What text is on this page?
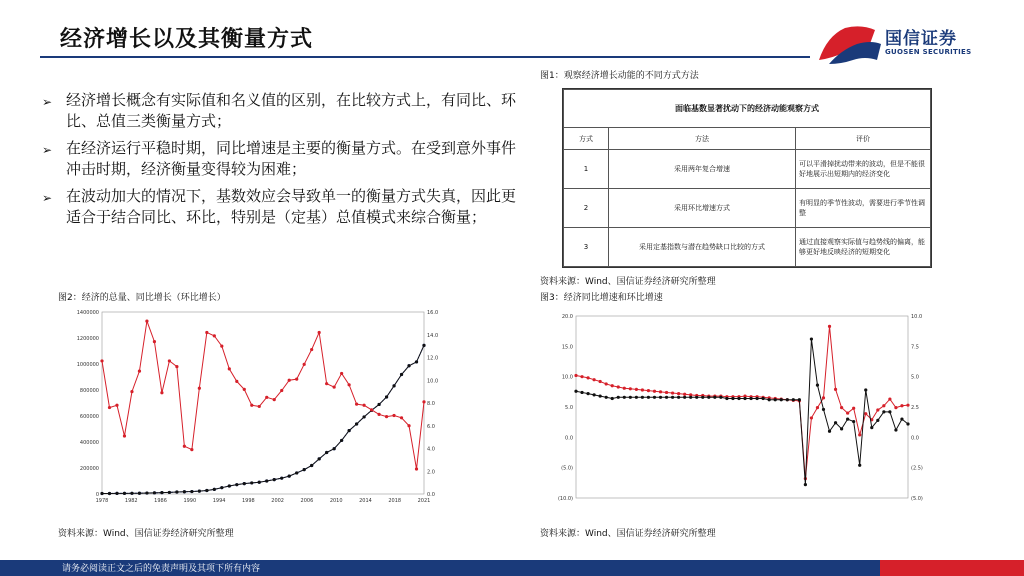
经济增长以及其衡量方式	国信证券
GUOSEN SECURITIES
➢ 经济增长概念有实际值和名义值的区别，在比较方式上，有同比、环比、总值三类衡量方式；
➢ 在经济运行平稳时期，同比增速是主要的衡量方式。在受到意外事件冲击时期，经济衡量变得较为困难；
➢ 在波动加大的情况下，基数效应会导致单一的衡量方式失真，因此更适合于结合同比、环比，特别是（定基）总值模式来综合衡量；
图1：观察经济增长动能的不同方式方法
面临基数显著扰动下的经济动能观察方式		
方式	方法	评价
1	采用两年复合增速	可以平滑掉扰动带来的波动，但是不能很好地展示出短期内的经济变化
2	采用环比增速方式	有明显的季节性波动，需要进行季节性调整
3	采用定基指数与潜在趋势缺口比较的方式	通过直接观察实际值与趋势线的偏离，能够更好地反映经济的短期变化
资料来源：Wind、国信证券经济研究所整理
图2：经济的总量、同比增长（环比增长）
0
200000
400000
600000
800000
1000000
1200000
1400000
0.0
2.0
4.0
6.0
8.0
10.0
12.0
14.0
16.0
1978	1982	1986	1990	1994	1998	2002	2006	2010	2014	2018	2021
资料来源：Wind、国信证券经济研究所整理
图3：经济同比增速和环比增速
(10.0)
(5.0)
0.0
5.0
10.0
15.0
20.0
(5.0)
(2.5)
0.0
2.5
5.0
7.5
10.0
资料来源：Wind、国信证券经济研究所整理
请务必阅读正文之后的免责声明及其项下所有内容
